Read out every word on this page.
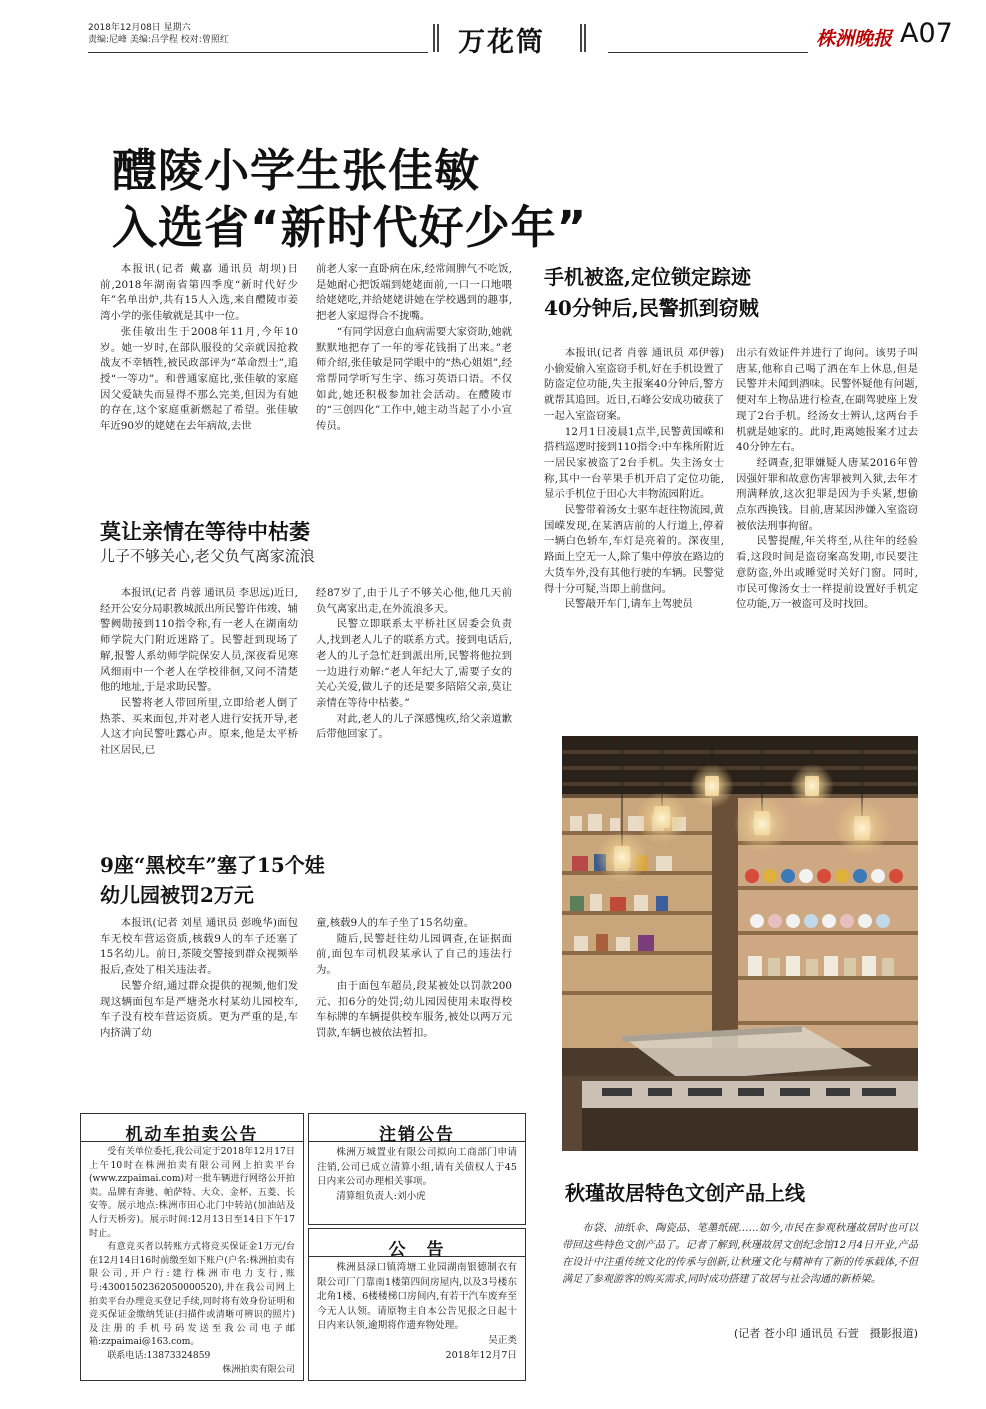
2018年12月08日 星期六
责编:尼峰 美编:吕学程 校对:曾照红	万花筒	株洲晚报 A07
醴陵小学生张佳敏
入选省“新时代好少年”

本报讯(记者 戴嘉 通讯员 胡坝)日前,2018年湖南省第四季度“新时代好少年”名单出炉,共有15人入选,来自醴陵市姜湾小学的张佳敏就是其中一位。

张佳敏出生于2008年11月,今年10岁。她一岁时,在部队服役的父亲就因抢救战友不幸牺牲,被民政部评为“革命烈士”,追授“一等功”。和普通家庭比,张佳敏的家庭因父爱缺失而显得不那么完美,但因为有她的存在,这个家庭重新燃起了希望。张佳敏年近90岁的姥姥在去年病故,去世

前老人家一直卧病在床,经常闹脾气不吃饭,是她耐心把饭端到姥姥面前,一口一口地喂给姥姥吃,并给姥姥讲她在学校遇到的趣事,把老人家逗得合不拢嘴。

“有同学因意白血病需要大家资助,她就默默地把存了一年的零花钱捐了出来。”老师介绍,张佳敏是同学眼中的“热心姐姐”,经常帮同学听写生字、练习英语口语。不仅如此,她还积极参加社会活动。在醴陵市的“三创四化”工作中,她主动当起了小小宣传员。

莫让亲情在等待中枯萎
儿子不够关心,老父负气离家流浪

本报讯(记者 肖蓉 通讯员 李思远)近日,经开公安分局职教城派出所民警许伟竣、辅警阙勋接到110指令称,有一老人在湖南幼师学院大门附近迷路了。民警赶到现场了解,报警人系幼师学院保安人员,深夜看见寒风细雨中一个老人在学校徘徊,又问不清楚他的地址,于是求助民警。

民警将老人带回所里,立即给老人倒了热茶、买来面包,并对老人进行安抚开导,老人这才向民警吐露心声。原来,他是太平桥社区居民,已

经87岁了,由于儿子不够关心他,他几天前负气离家出走,在外流浪多天。

民警立即联系太平桥社区居委会负责人,找到老人儿子的联系方式。接到电话后,老人的儿子急忙赶到派出所,民警将他拉到一边进行劝解:“老人年纪大了,需要子女的关心关爱,做儿子的还是要多陪陪父亲,莫让亲情在等待中枯萎。”

对此,老人的儿子深感愧疚,给父亲道歉后带他回家了。

9座“黑校车”塞了15个娃
幼儿园被罚2万元

本报讯(记者 刘星 通讯员 彭晚华)面包车无校车营运资质,核载9人的车子还塞了15名幼儿。前日,茶陵交警接到群众视频举报后,查处了相关违法者。

民警介绍,通过群众提供的视频,他们发现这辆面包车是严塘尧水村某幼儿园校车,车子没有校车营运资质。更为严重的是,车内挤满了幼

童,核载9人的车子坐了15名幼童。

随后,民警赶往幼儿园调查,在证据面前,面包车司机段某承认了自己的违法行为。

由于面包车超员,段某被处以罚款200元、扣6分的处罚;幼儿园因使用未取得校车标牌的车辆提供校车服务,被处以两万元罚款,车辆也被依法暂扣。

手机被盗,定位锁定踪迹
40分钟后,民警抓到窃贼

本报讯(记者 肖蓉 通讯员 邓伊蓉)小偷爱偷入室盗窃手机,好在手机设置了防盗定位功能,失主报案40分钟后,警方就帮其追回。近日,石峰公安成功破获了一起入室盗窃案。

12月1日凌晨1点半,民警黄国嵘和搭档巡逻时接到110指令:中车株所附近一居民家被盗了2台手机。失主汤女士称,其中一台苹果手机开启了定位功能,显示手机位于田心大丰物流园附近。

民警带着汤女士驱车赶往物流园,黄国嵘发现,在某酒店前的人行道上,停着一辆白色轿车,车灯是亮着的。深夜里,路面上空无一人,除了集中停放在路边的大货车外,没有其他行驶的车辆。民警觉得十分可疑,当即上前盘问。

民警敲开车门,请车上驾驶员

出示有效证件并进行了询问。该男子叫唐某,他称自己喝了酒在车上休息,但是民警并未闻到酒味。民警怀疑他有问题,便对车上物品进行检查,在副驾驶座上发现了2台手机。经汤女士辨认,这两台手机就是她家的。此时,距离她报案才过去40分钟左右。

经调查,犯罪嫌疑人唐某2016年曾因强奸罪和故意伤害罪被判入狱,去年才刑满释放,这次犯罪是因为手头紧,想偷点东西换钱。目前,唐某因涉嫌入室盗窃被依法刑事拘留。

民警提醒,年关将至,从往年的经验看,这段时间是盗窃案高发期,市民要注意防盗,外出或睡觉时关好门窗。同时,市民可像汤女士一样提前设置好手机定位功能,万一被盗可及时找回。

机动车拍卖公告

受有关单位委托,我公司定于2018年12月17日上午10时在株洲拍卖有限公司网上拍卖平台(www.zzpaimai.com)对一批车辆进行网络公开拍卖。品牌有奔驰、帕萨特、大众、金杯、五菱、长安等。展示地点:株洲市田心北门中转站(加油站及人行天桥旁)。展示时间:12月13日至14日下午17时止。

有意竞买者以转账方式将竞买保证金1万元/台在12月14日16时前缴至如下账户(户名:株洲拍卖有限公司,开户行:建行株洲市电力支行,账号:43001502362050000520),并在我公司网上拍卖平台办理竞买登记手续,同时将有效身份证明和竞买保证金缴纳凭证(扫描件或清晰可辨识的照片)及注册的手机号码发送至我公司电子邮箱:zzpaimai@163.com。

联系电话:13873324859

株洲拍卖有限公司
注销公告

株洲万城置业有限公司拟向工商部门申请注销,公司已成立清算小组,请有关债权人于45日内来公司办理相关事项。

清算组负责人:刘小虎

公　告

株洲县渌口镇湾塘工业园湖南银德制衣有限公司厂门靠南1楼第四间房屋内,以及3号楼东北角1楼、6楼楼梯口房间内,有若干汽车废弃至今无人认领。请原物主自本公告见报之日起十日内来认领,逾期将作遗弃物处理。

吴正类
2018年12月7日
秋瑾故居特色文创产品上线

布袋、油纸伞、陶瓷品、笔墨纸砚……如今,市民在参观秋瑾故居时也可以带回这些特色文创产品了。记者了解到,秋瑾故居文创纪念馆12月4日开业,产品在设计中注重传统文化的传承与创新,让秋瑾文化与精神有了新的传承载体,不但满足了参观游客的购买需求,同时成功搭建了故居与社会沟通的新桥梁。

(记者 苍小印 通讯员 石萱　摄影报道)
